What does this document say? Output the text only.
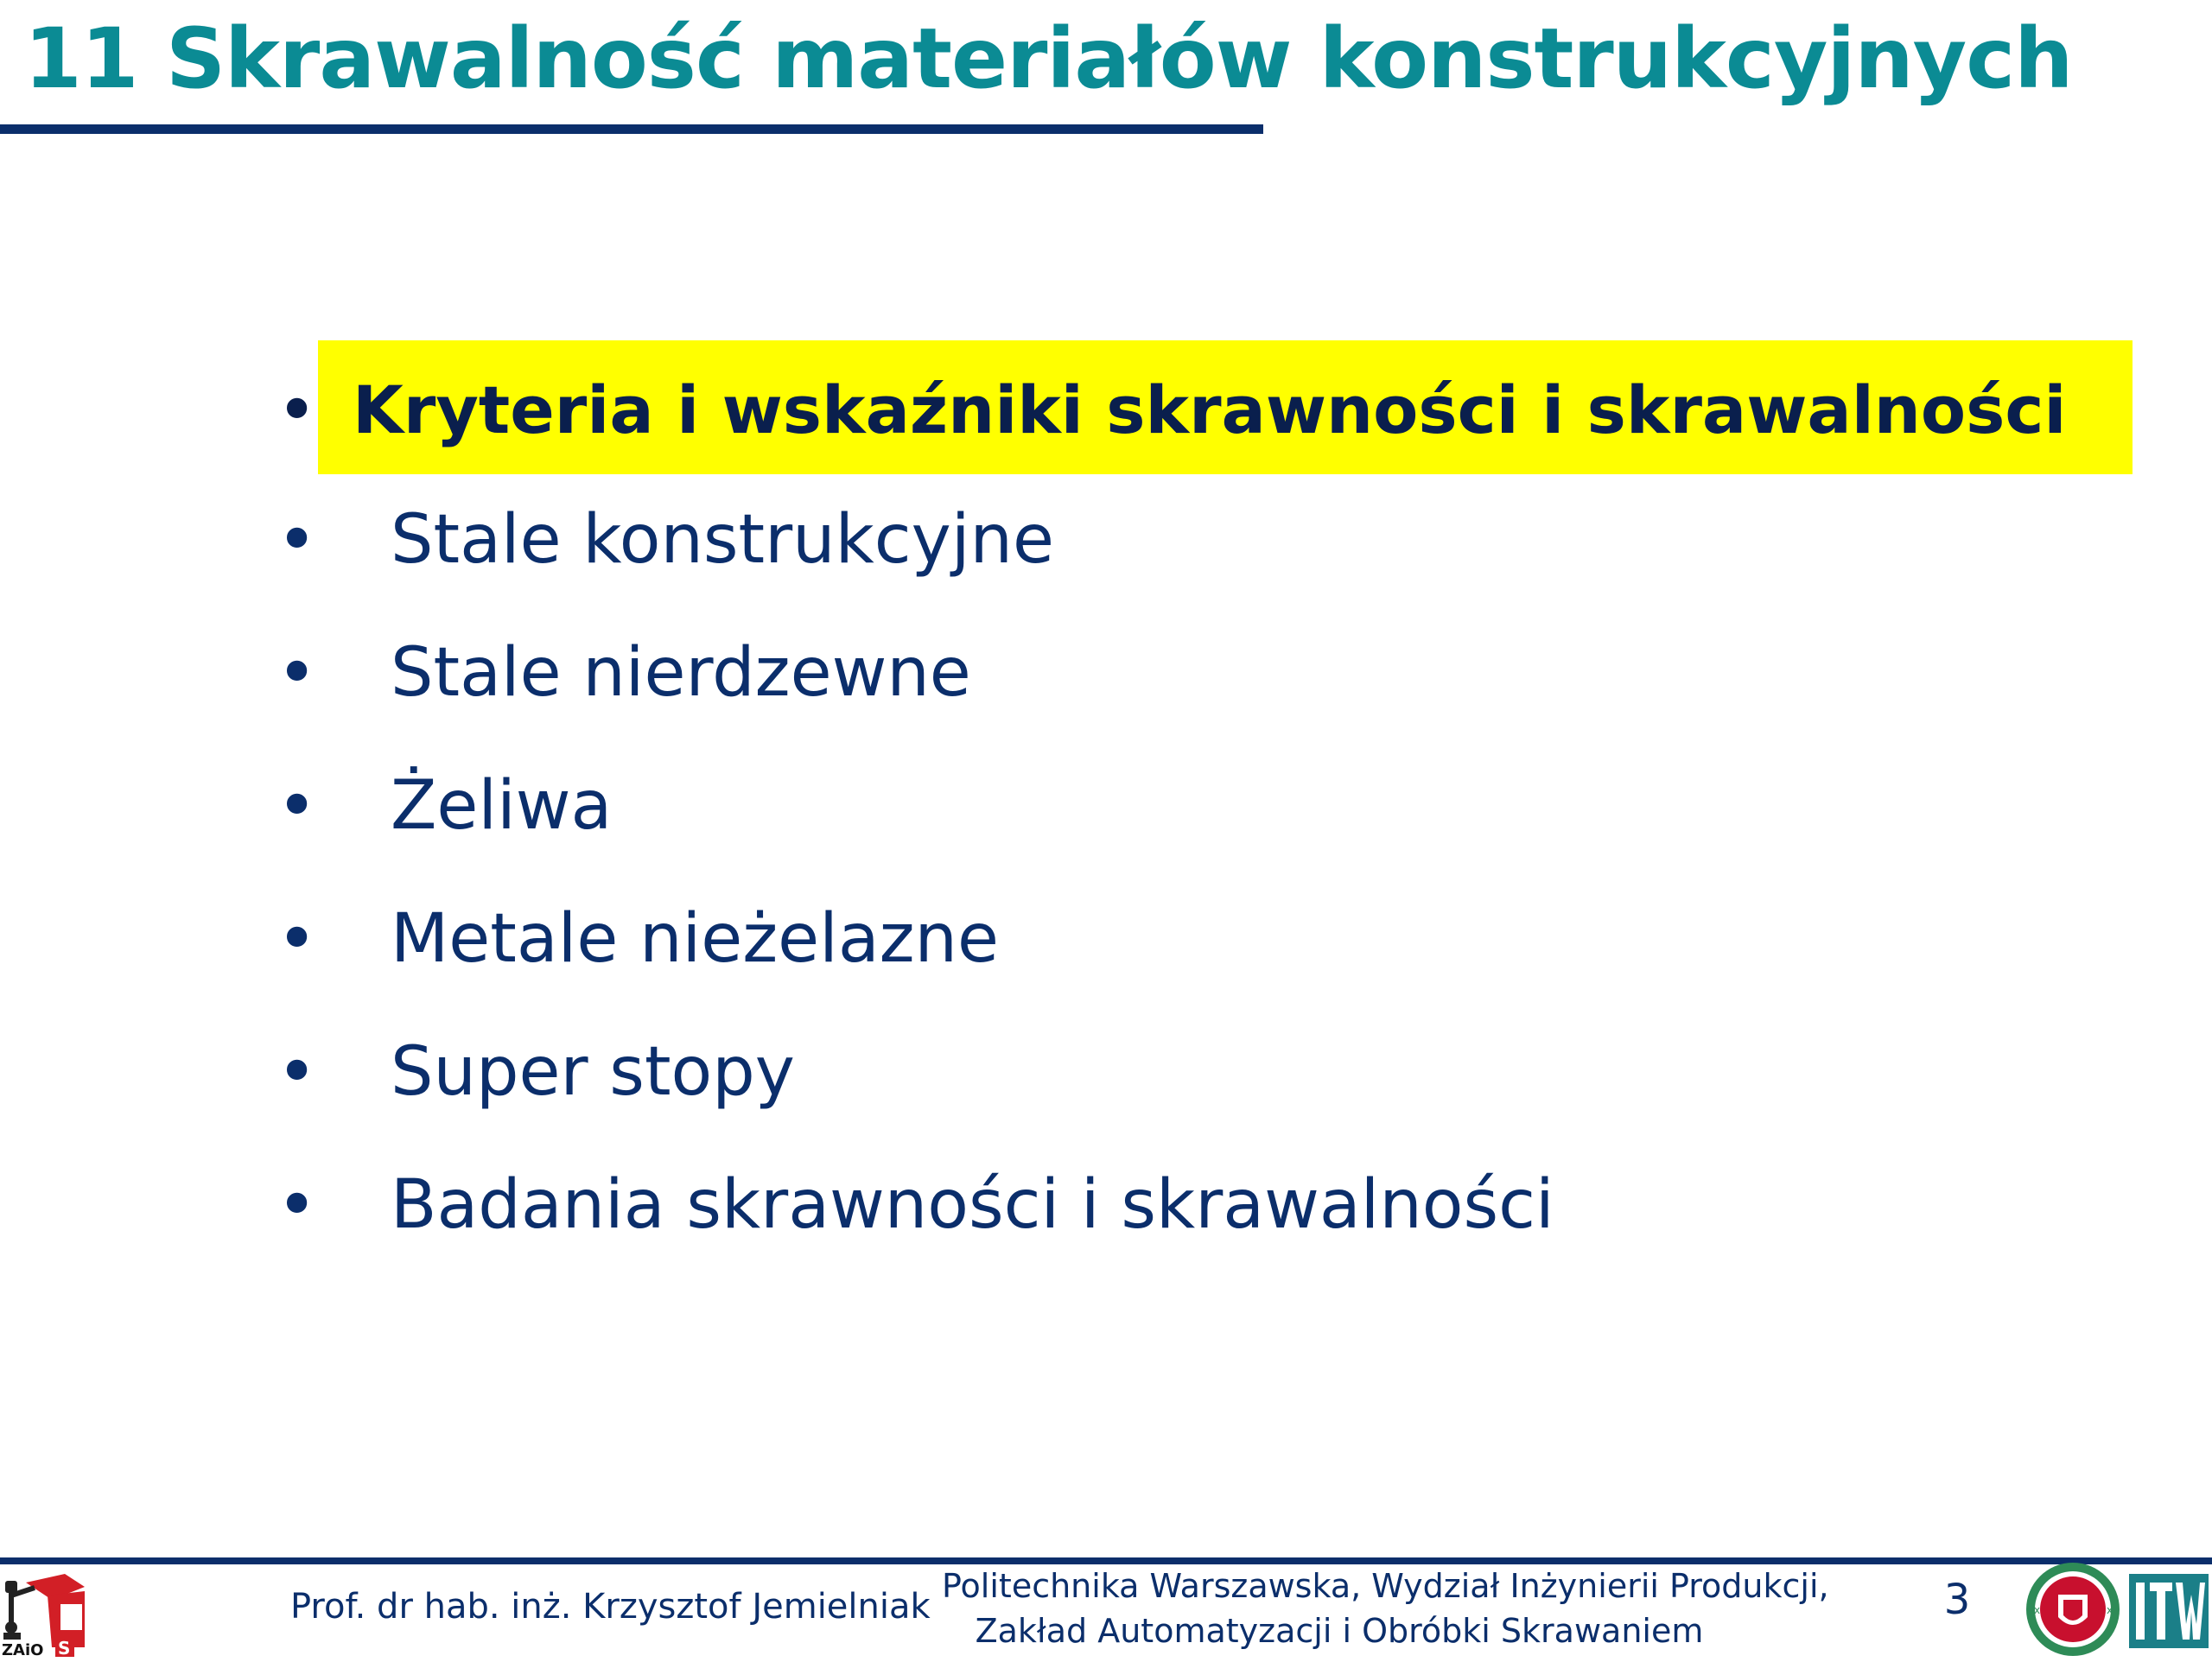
11 Skrawalność materiałów konstrukcyjnych
• Kryteria i wskaźniki skrawności i skrawalności
• Stale konstrukcyjne
• Stale nierdzewne
• Żeliwa
• Metale nieżelazne
• Super stopy
• Badania skrawności i skrawalności
ZAiO S
Prof. dr hab. inż. Krzysztof Jemielniak
Politechnika Warszawska, Wydział Inżynierii Produkcji,
Zakład Automatyzacji i Obróbki Skrawaniem
3	x	x
